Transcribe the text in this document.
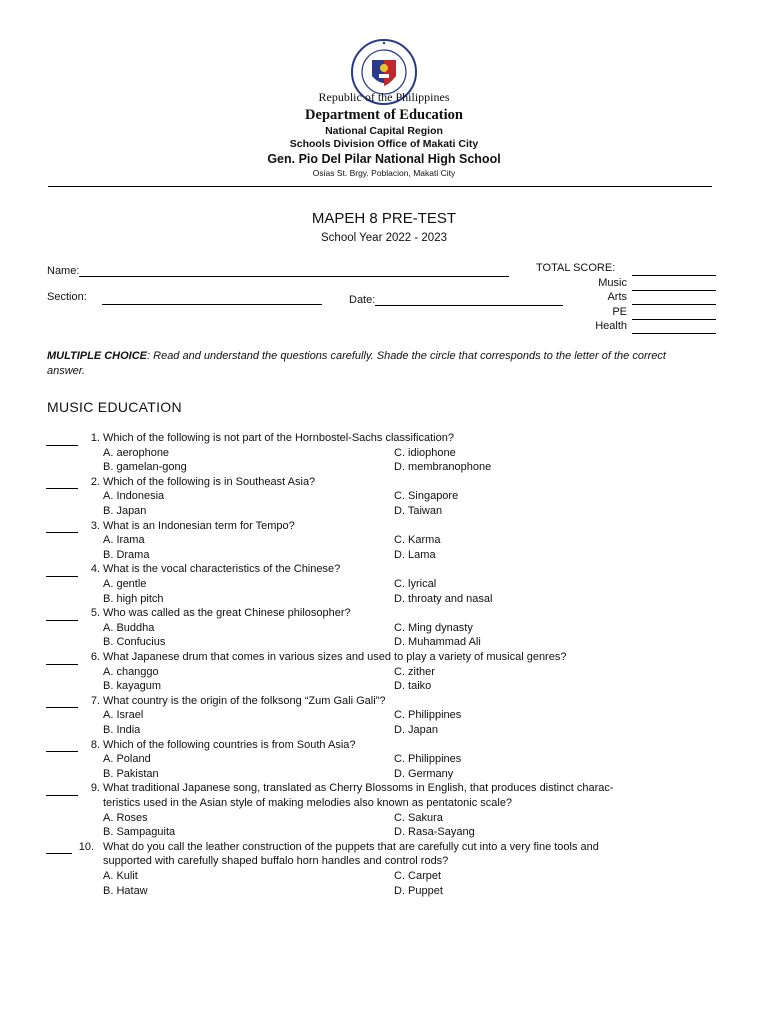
Republic of the Philippines
Department of Education
National Capital Region
Schools Division Office of Makati City
Gen. Pio Del Pilar National High School
Osias St. Brgy. Poblacion, Makati City
MAPEH 8 PRE-TEST
School Year 2022 - 2023
Name:
Section:	Date:
TOTAL SCORE:
Music
Arts
PE
Health
MULTIPLE CHOICE: Read and understand the questions carefully. Shade the circle that corresponds to the letter of the correct answer.
MUSIC EDUCATION
1. Which of the following is not part of the Hornbostel-Sachs classification?
A. aerophone	C. idiophone
B. gamelan-gong	D. membranophone
2. Which of the following is in Southeast Asia?
A. Indonesia	C. Singapore
B. Japan	D. Taiwan
3. What is an Indonesian term for Tempo?
A. Irama	C. Karma
B. Drama	D. Lama
4. What is the vocal characteristics of the Chinese?
A. gentle	C. lyrical
B. high pitch	D. throaty and nasal
5. Who was called as the great Chinese philosopher?
A. Buddha	C. Ming dynasty
B. Confucius	D. Muhammad Ali
6. What Japanese drum that comes in various sizes and used to play a variety of musical genres?
A. changgo	C. zither
B. kayagum	D. taiko
7. What country is the origin of the folksong “Zum Gali Gali”?
A. Israel	C. Philippines
B. India	D. Japan
8. Which of the following countries is from South Asia?
A. Poland	C. Philippines
B. Pakistan	D. Germany
9. What traditional Japanese song, translated as Cherry Blossoms in English, that produces distinct charac-
teristics used in the Asian style of making melodies also known as pentatonic scale?
A. Roses	C. Sakura
B. Sampaguita	D. Rasa-Sayang
10. What do you call the leather construction of the puppets that are carefully cut into a very fine tools and
supported with carefully shaped buffalo horn handles and control rods?
A. Kulit	C. Carpet
B. Hataw	D. Puppet
